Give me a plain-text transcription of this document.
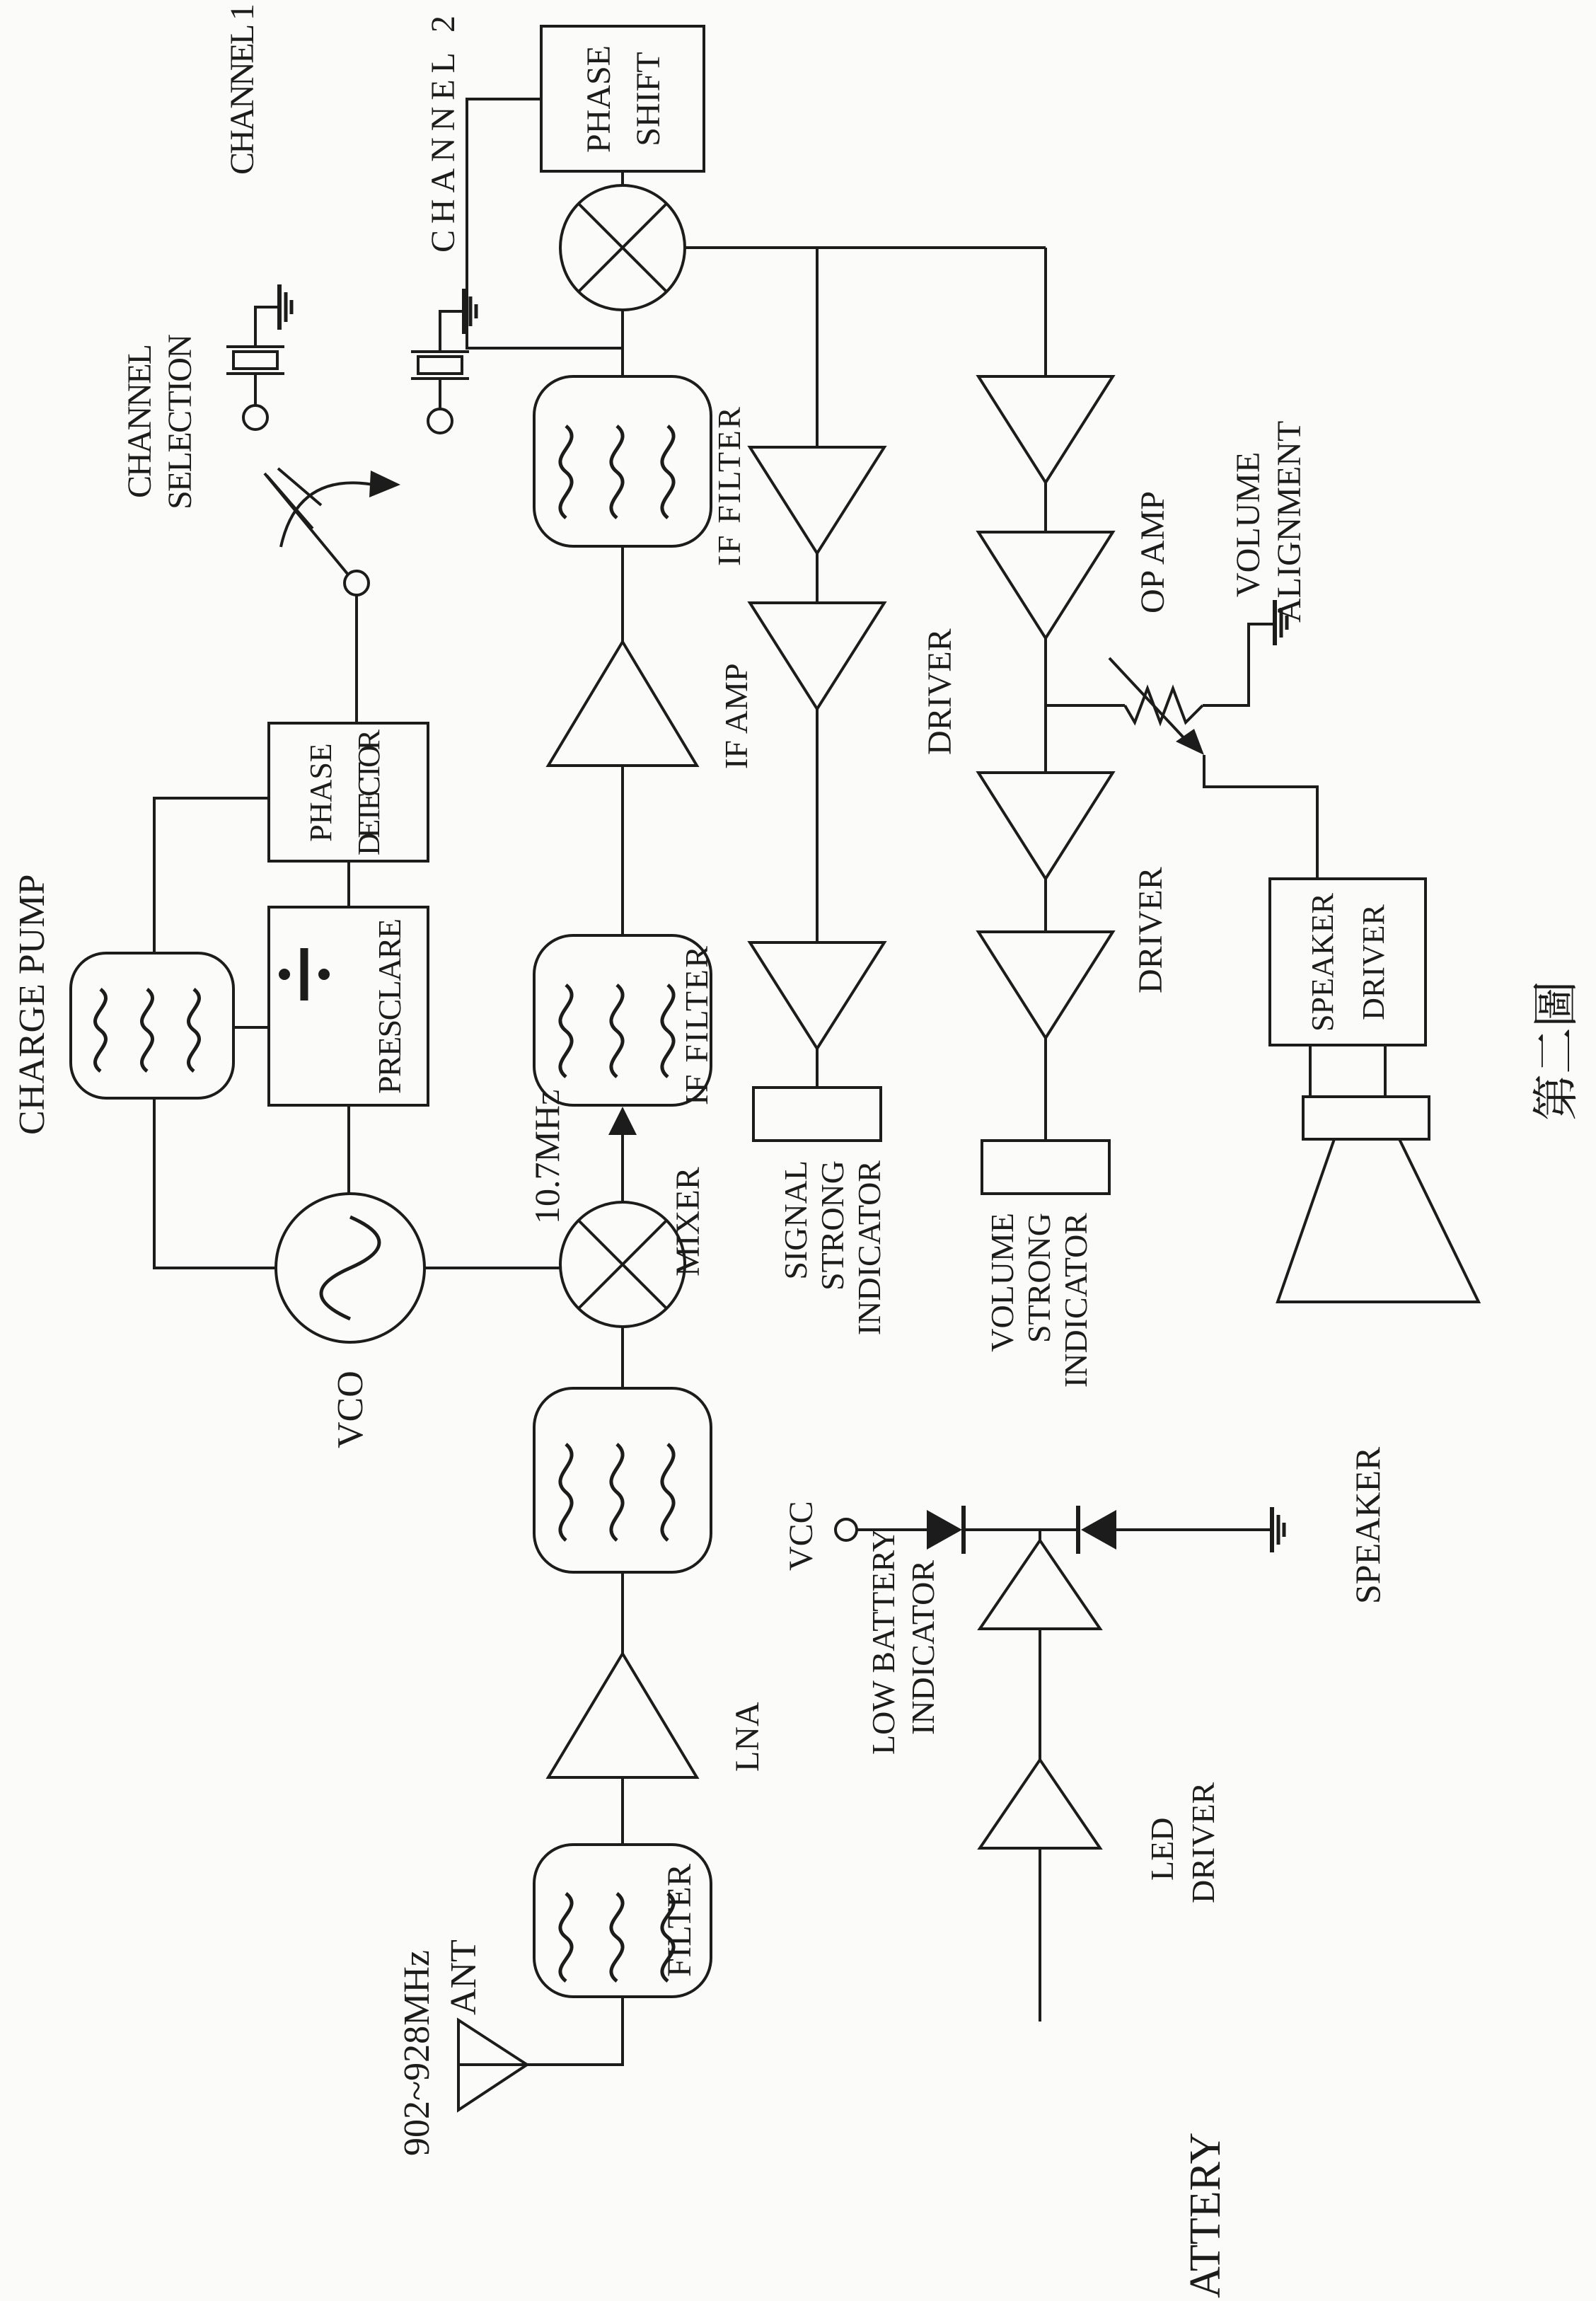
902~928MHz ANT	FILTER
LNA
MIXER
VCO
10.7MHz	IF FILTER
IF AMP
IF FILTER
PHASE SHIFT
CHARGE PUMP	PRESCLARE
PHASE
DETECTOR
CHANNEL
SELECTION
CHANNEL 1
CHANNEL 2
SIGNAL STRONG INDICATOR
DRIVER
VOLUME STRONG INDICATOR
OP AMP
DRIVER
VOLUME ALIGNMENT
SPEAKER
DRIVER
SPEAKER
第二圖
VCC LOW BATTERY INDICATOR
LED DRIVER
ATTERY
